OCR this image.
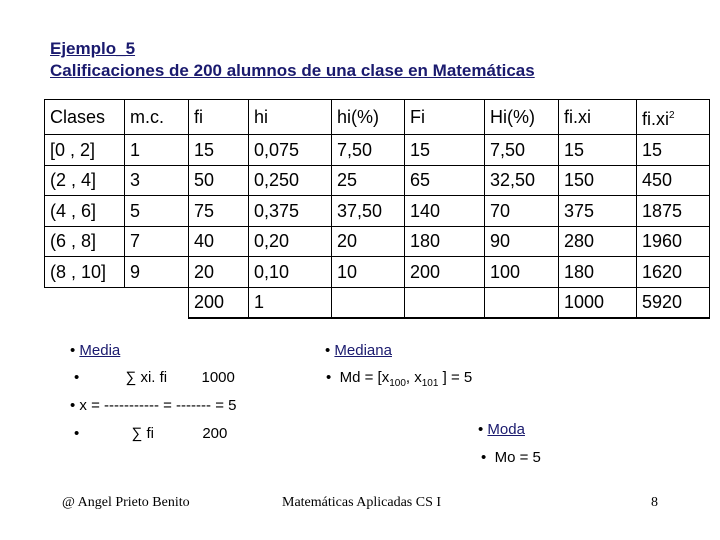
Ejemplo_5
Calificaciones de 200 alumnos de una clase en Matemáticas
Clases	m.c.	fi	hi	hi(%)	Fi	Hi(%)	fi.xi	$fi.xi^2$
[0 , 2]	1	15	0,075	7,50	15	7,50	15	15
(2 , 4]	3	50	0,250	25	65	32,50	150	450
(4 , 6]	5	75	0,375	37,50	140	70	375	1875
(6 , 8]	7	40	0,20	20	180	90	280	1960
(8 , 10]	9	20	0,10	10	200	100	180	1620
		200	1				1000	5920
• Media
•	∑ xi. fi 1000
• x = ----------- = ------- = 5
•	∑ fi	200
• Mediana
• $Md = [x_{100}$, $x_{101}$ ] = 5
• Moda
• Mo = 5
@ Angel Prieto Benito	Matemáticas Aplicadas CS I	8
